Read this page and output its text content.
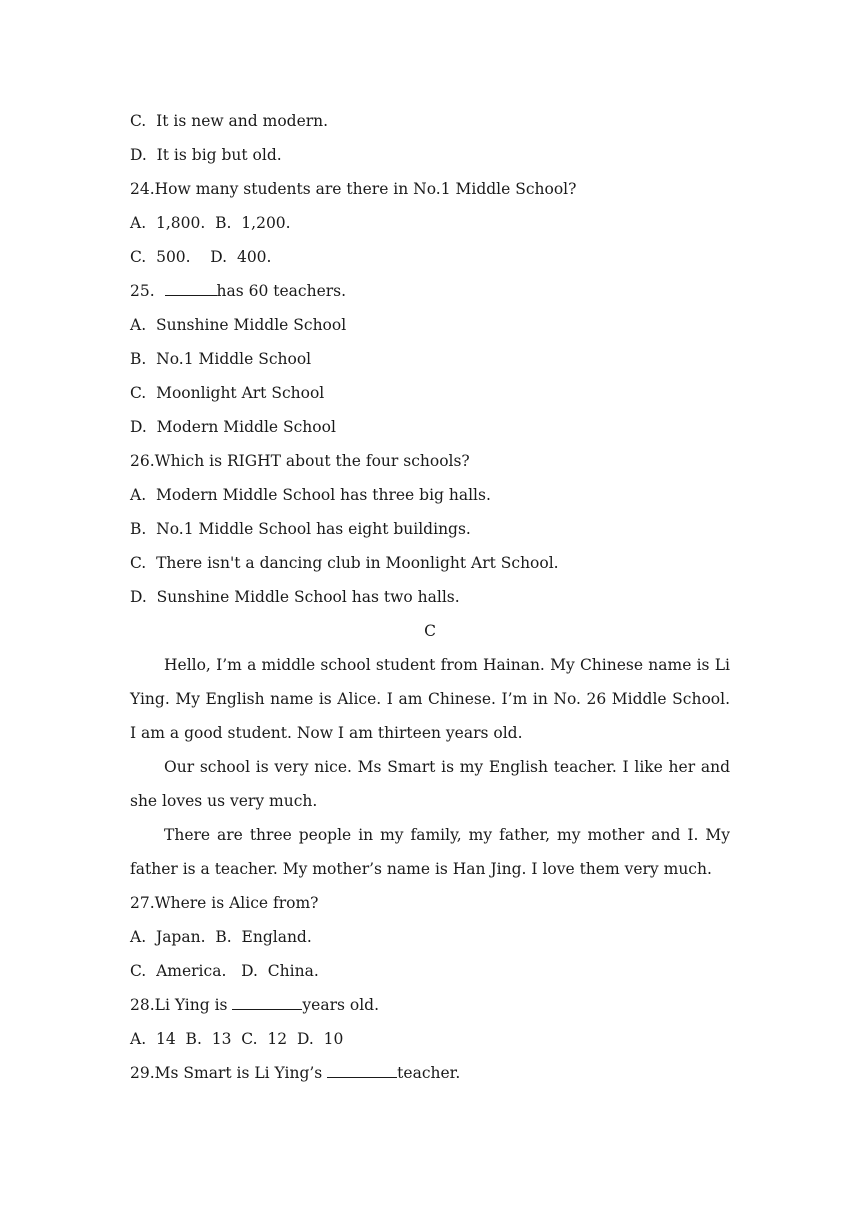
C.  It is new and modern.
D.  It is big but old.
24.How many students are there in No.1 Middle School?
A.  1,800.  B.  1,200.
C.  500.    D.  400.
25.	has 60 teachers.
A.  Sunshine Middle School
B.  No.1 Middle School
C.  Moonlight Art School
D.  Modern Middle School
26.Which is RIGHT about the four schools?
A.  Modern Middle School has three big halls.
B.  No.1 Middle School has eight buildings.
C.  There isn't a dancing club in Moonlight Art School.
D.  Sunshine Middle School has two halls.
C
Hello, I’m a middle school student from Hainan. My Chinese name is Li Ying. My English name is Alice. I am Chinese. I’m in No. 26 Middle School. I am a good student. Now I am thirteen years old.
Our school is very nice. Ms Smart is my English teacher. I like her and she loves us very much.
There are three people in my family, my father, my mother and I. My father is a teacher. My mother’s name is Han Jing. I love them very much.
27.Where is Alice from?
A.  Japan.  B.  England.
C.  America.   D.  China.
28.Li Ying is	years old.
A.  14  B.  13  C.  12  D.  10
29.Ms Smart is Li Ying’s	teacher.
